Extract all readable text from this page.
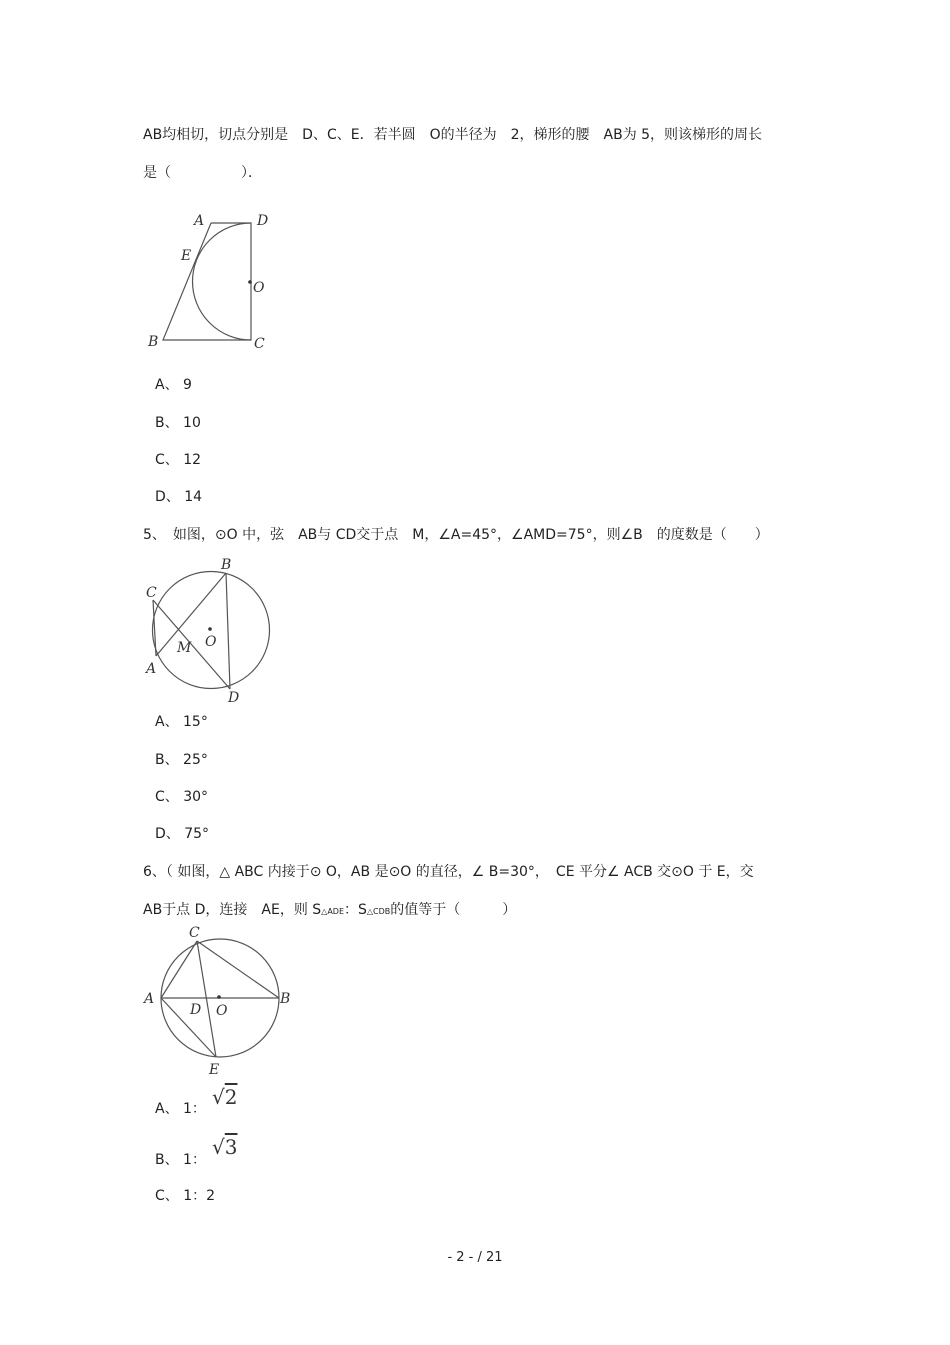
AB均相切，切点分别是　D、C、E．若半圆　O的半径为　2，梯形的腰　AB为 5，则该梯形的周长
是（　　　　　）．
A	D
E
O
B	C
A、 9
B、 10
C、 12
D、 14
5、　如图，⊙O 中，弦　AB与 CD交于点　M，∠A=45°，∠AMD=75°，则∠B　的度数是（　　）
B
C
O
M
A
D
A、 15°
B、 25°
C、 30°
D、 75°
6、（ 如图，△ ABC 内接于⊙ O，AB 是⊙O 的直径，∠ B=30°，　CE 平分∠ ACB 交⊙O 于 E，交
AB于点 D，连接　AE，则 S△ADE：S△CDB的值等于（　　　）
C
A
D O
B
E
A、 1： √2
B、 1：
√3
C、 1：2
- 2 - / 21
